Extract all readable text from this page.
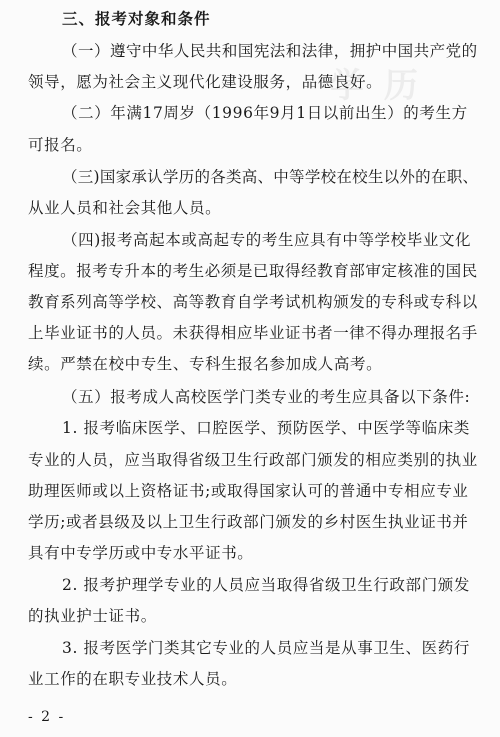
学 历
三、报考对象和条件
（一）遵守中华人民共和国宪法和法律，拥护中国共产党的
领导，愿为社会主义现代化建设服务，品德良好。
（二）年满17周岁（1996年9月1日以前出生）的考生方
可报名。
（三)国家承认学历的各类高、中等学校在校生以外的在职、
从业人员和社会其他人员。
（四)报考高起本或高起专的考生应具有中等学校毕业文化
程度。报考专升本的考生必须是已取得经教育部审定核准的国民
教育系列高等学校、高等教育自学考试机构颁发的专科或专科以
上毕业证书的人员。未获得相应毕业证书者一律不得办理报名手
续。严禁在校中专生、专科生报名参加成人高考。
（五）报考成人高校医学门类专业的考生应具备以下条件:
1. 报考临床医学、口腔医学、预防医学、中医学等临床类
专业的人员，应当取得省级卫生行政部门颁发的相应类别的执业
助理医师或以上资格证书;或取得国家认可的普通中专相应专业
学历;或者县级及以上卫生行政部门颁发的乡村医生执业证书并
具有中专学历或中专水平证书。
2. 报考护理学专业的人员应当取得省级卫生行政部门颁发
的执业护士证书。
3. 报考医学门类其它专业的人员应当是从事卫生、医药行
业工作的在职专业技术人员。
- 2 -
